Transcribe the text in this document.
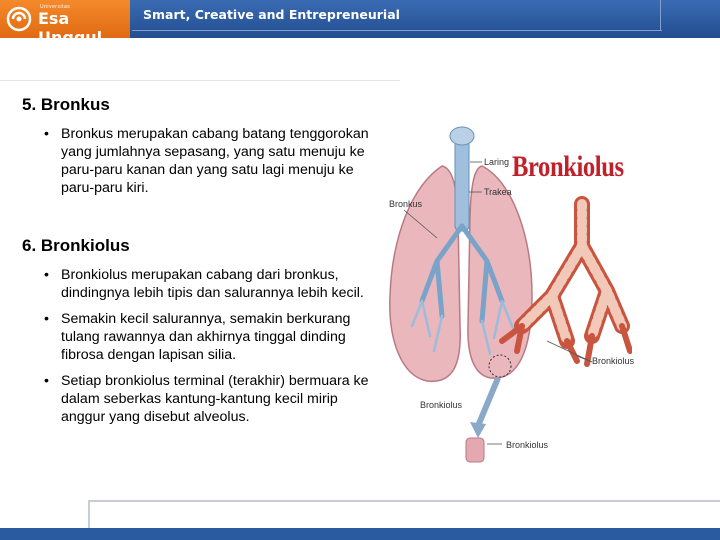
Universitas
Esa Unggul
Smart, Creative and Entrepreneurial
5. Bronkus
• Bronkus merupakan cabang batang tenggorokan yang jumlahnya sepasang, yang satu menuju ke paru-paru kanan dan yang satu lagi menuju ke paru-paru kiri.
6. Bronkiolus
• Bronkiolus merupakan cabang dari bronkus, dindingnya lebih tipis dan salurannya lebih kecil.
• Semakin kecil salurannya, semakin berkurang tulang rawannya dan akhirnya tinggal dinding fibrosa dengan lapisan silia.
• Setiap bronkiolus terminal (terakhir) bermuara ke dalam seberkas kantung-kantung kecil mirip anggur yang disebut alveolus.
Bronkiolus
Laring
Trakea
Bronkus
Bronkiolus
Bronkiolus
Bronkiolus
